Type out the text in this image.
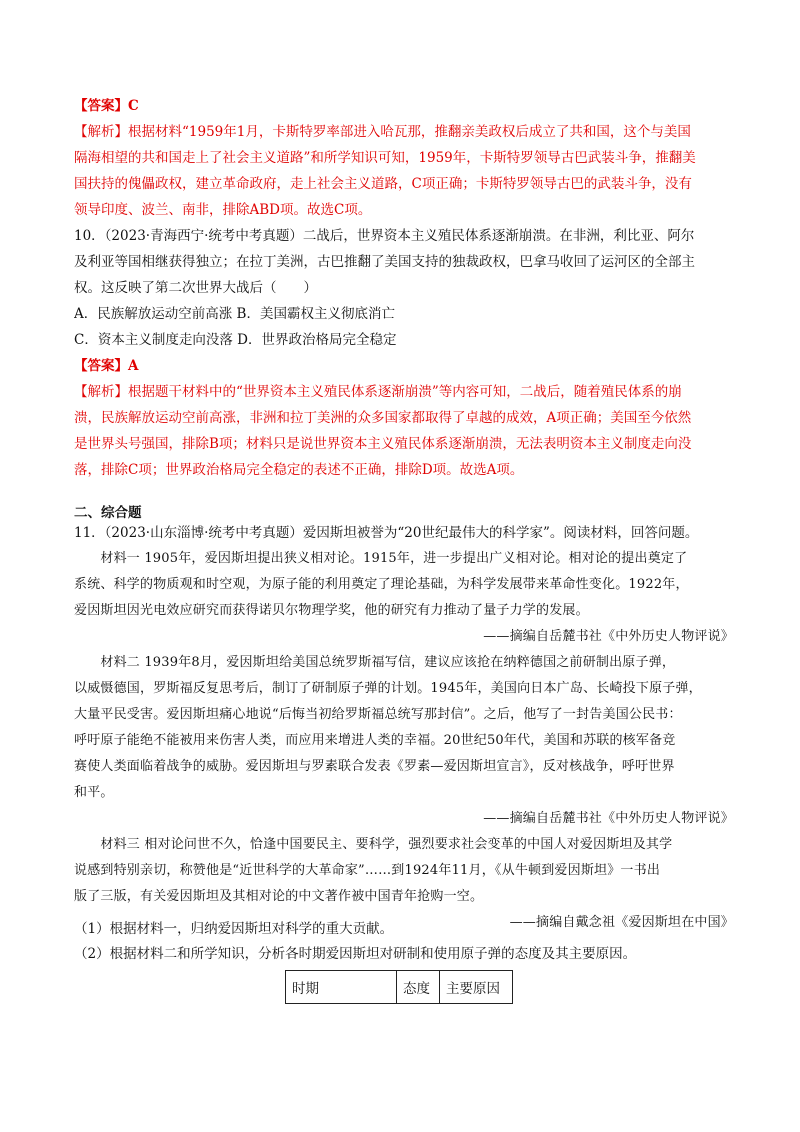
【答案】C
【解析】根据材料“1959年1月，卡斯特罗率部进入哈瓦那，推翻亲美政权后成立了共和国，这个与美国
隔海相望的共和国走上了社会主义道路”和所学知识可知，1959年，卡斯特罗领导古巴武装斗争，推翻美
国扶持的傀儡政权，建立革命政府，走上社会主义道路，C项正确；卡斯特罗领导古巴的武装斗争，没有
领导印度、波兰、南非，排除ABD项。故选C项。
10．（2023·青海西宁·统考中考真题）二战后，世界资本主义殖民体系逐渐崩溃。在非洲，利比亚、阿尔
及利亚等国相继获得独立；在拉丁美洲，古巴推翻了美国支持的独裁政权，巴拿马收回了运河区的全部主
权。这反映了第二次世界大战后（　　）
A．民族解放运动空前高涨 B．美国霸权主义彻底消亡
C．资本主义制度走向没落 D．世界政治格局完全稳定
【答案】A
【解析】根据题干材料中的“世界资本主义殖民体系逐渐崩溃”等内容可知，二战后，随着殖民体系的崩
溃，民族解放运动空前高涨，非洲和拉丁美洲的众多国家都取得了卓越的成效，A项正确；美国至今依然
是世界头号强国，排除B项；材料只是说世界资本主义殖民体系逐渐崩溃，无法表明资本主义制度走向没
落，排除C项；世界政治格局完全稳定的表述不正确，排除D项。故选A项。
二、综合题
11．（2023·山东淄博·统考中考真题）爱因斯坦被誉为“20世纪最伟大的科学家”。阅读材料，回答问题。
　　材料一 1905年，爱因斯坦提出狭义相对论。1915年，进一步提出广义相对论。相对论的提出奠定了
系统、科学的物质观和时空观，为原子能的利用奠定了理论基础，为科学发展带来革命性变化。1922年，
爱因斯坦因光电效应研究而获得诺贝尔物理学奖，他的研究有力推动了量子力学的发展。
——摘编自岳麓书社《中外历史人物评说》
　　材料二 1939年8月，爱因斯坦给美国总统罗斯福写信，建议应该抢在纳粹德国之前研制出原子弹，
以威慑德国，罗斯福反复思考后，制订了研制原子弹的计划。1945年，美国向日本广岛、长崎投下原子弹，
大量平民受害。爱因斯坦痛心地说“后悔当初给罗斯福总统写那封信”。之后，他写了一封告美国公民书：
呼吁原子能绝不能被用来伤害人类，而应用来增进人类的幸福。20世纪50年代，美国和苏联的核军备竞
赛使人类面临着战争的威胁。爱因斯坦与罗素联合发表《罗素—爱因斯坦宣言》，反对核战争，呼吁世界
和平。
——摘编自岳麓书社《中外历史人物评说》
　　材料三 相对论问世不久，恰逢中国要民主、要科学，强烈要求社会变革的中国人对爱因斯坦及其学
说感到特别亲切，称赞他是“近世科学的大革命家”……到1924年11月，《从牛顿到爱因斯坦》一书出
版了三版，有关爱因斯坦及其相对论的中文著作被中国青年抢购一空。
——摘编自戴念祖《爱因斯坦在中国》
（1）根据材料一，归纳爱因斯坦对科学的重大贡献。
（2）根据材料二和所学知识，分析各时期爱因斯坦对研制和使用原子弹的态度及其主要原因。
时期	态度	主要原因
